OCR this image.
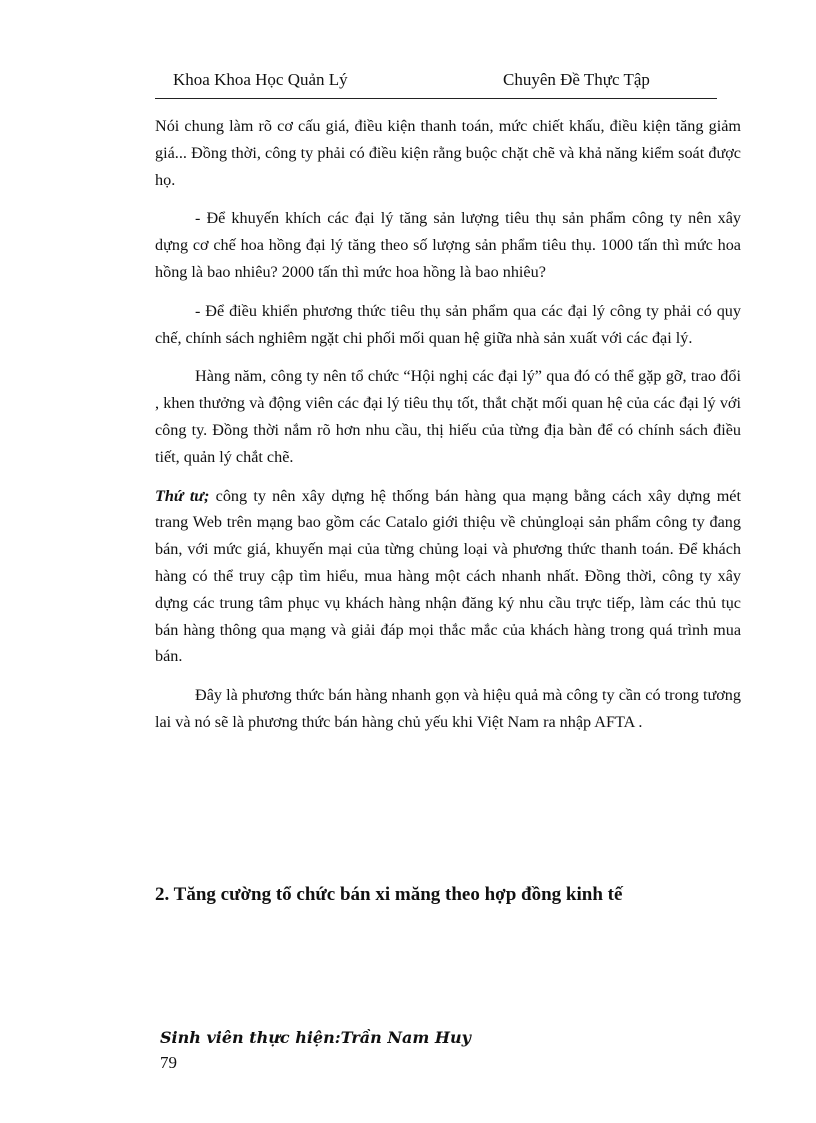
Khoa Khoa Học Quản Lý	Chuyên Đề Thực Tập

Nói chung làm rõ cơ cấu giá, điều kiện thanh toán, mức chiết khấu, điều kiện tăng giảm giá... Đồng thời, công ty phải có điều kiện rằng buộc chặt chẽ và khả năng kiểm soát được họ.

- Để khuyến khích các đại lý tăng sản lượng tiêu thụ sản phẩm công ty nên xây dựng cơ chế hoa hồng đại lý tăng theo số lượng sản phẩm tiêu thụ. 1000 tấn thì mức hoa hồng là bao nhiêu? 2000 tấn thì mức hoa hồng là bao nhiêu?

- Để điều khiển phương thức tiêu thụ sản phẩm qua các đại lý công ty phải có quy chế, chính sách nghiêm ngặt chi phối mối quan hệ giữa nhà sản xuất với các đại lý.

Hàng năm, công ty nên tổ chức “Hội nghị các đại lý” qua đó có thể gặp gỡ, trao đổi , khen thưởng và động viên các đại lý tiêu thụ tốt, thắt chặt mối quan hệ của các đại lý với công ty. Đồng thời nắm rõ hơn nhu cầu, thị hiếu của từng địa bàn để có chính sách điều tiết, quản lý chắt chẽ.

Thứ tư; công ty nên xây dựng hệ thống bán hàng qua mạng bằng cách xây dựng mét trang Web trên mạng bao gồm các Catalo giới thiệu về chủngloại sản phẩm công ty đang bán, với mức giá, khuyến mại của từng chủng loại và phương thức thanh toán. Để khách hàng có thể truy cập tìm hiểu, mua hàng một cách nhanh nhất. Đồng thời, công ty xây dựng các trung tâm phục vụ khách hàng nhận đăng ký nhu cầu trực tiếp, làm các thủ tục bán hàng thông qua mạng và giải đáp mọi thắc mắc của khách hàng trong quá trình mua bán.

Đây là phương thức bán hàng nhanh gọn và hiệu quả mà công ty cần có trong tương lai và nó sẽ là phương thức bán hàng chủ yếu khi Việt Nam ra nhập AFTA .

2. Tăng cường tổ chức bán xi măng theo hợp đồng kinh tế
Sinh viên thực hiện:Trần Nam Huy
79
